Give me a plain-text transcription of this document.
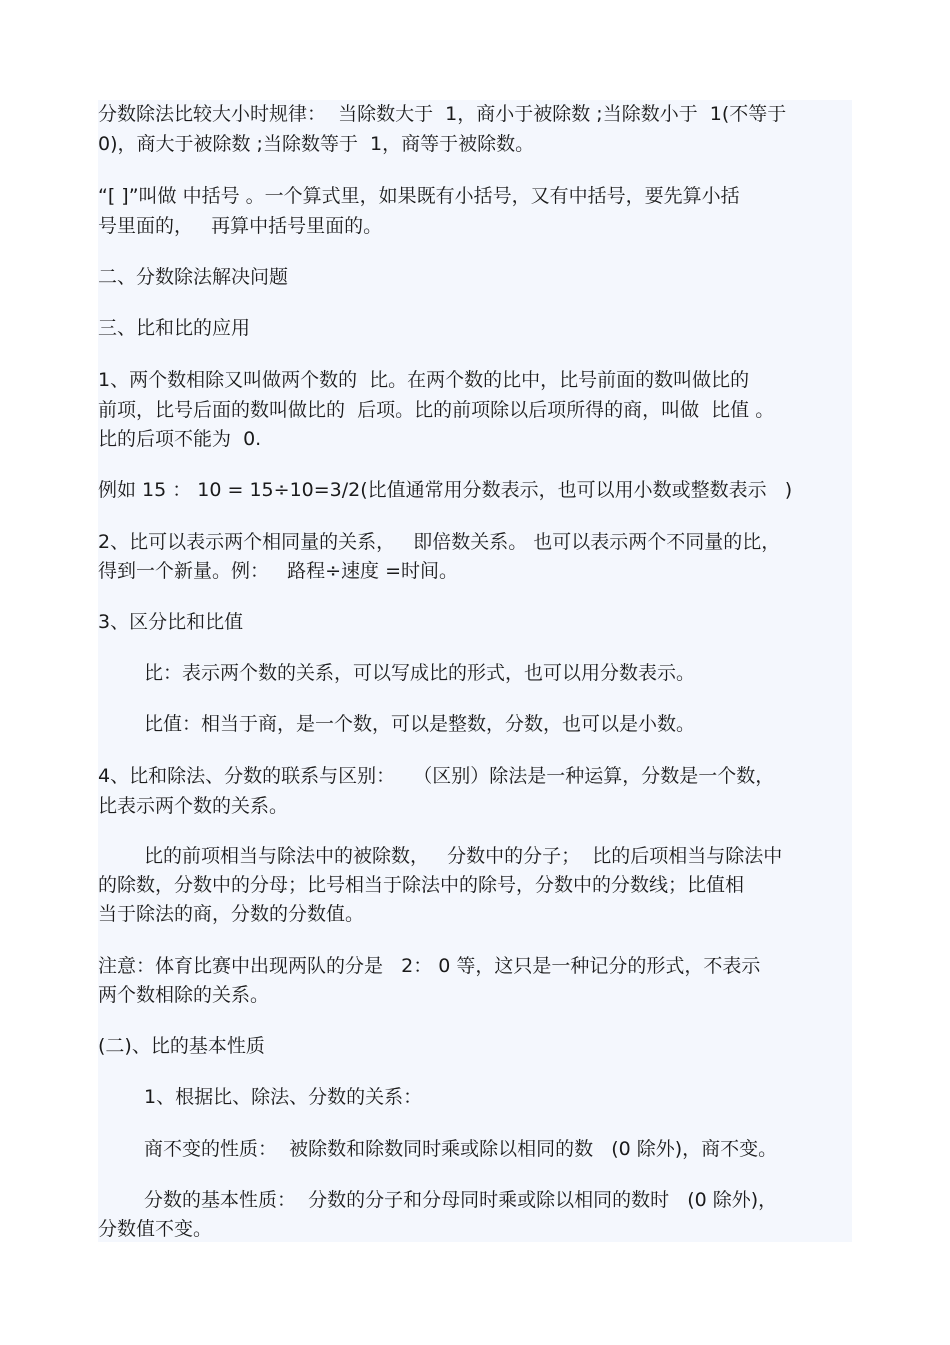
分数除法比较大小时规律：  当除数大于  1，商小于被除数 ;当除数小于  1(不等于

0)，商大于被除数 ;当除数等于  1，商等于被除数。

“[ ]”叫做 中括号 。一个算式里，如果既有小括号，又有中括号，要先算小括

号里面的，   再算中括号里面的。

二、分数除法解决问题

三、比和比的应用

1、两个数相除又叫做两个数的  比。在两个数的比中，比号前面的数叫做比的

前项，比号后面的数叫做比的  后项。比的前项除以后项所得的商，叫做  比值 。

比的后项不能为  0.

例如 15 ： 10 = 15÷10=3/2(比值通常用分数表示，也可以用小数或整数表示   )

2、比可以表示两个相同量的关系，   即倍数关系。 也可以表示两个不同量的比，

得到一个新量。例：   路程÷速度 =时间。

3、区分比和比值

比：表示两个数的关系，可以写成比的形式，也可以用分数表示。

比值：相当于商，是一个数，可以是整数，分数，也可以是小数。

4、比和除法、分数的联系与区别：   （区别）除法是一种运算，分数是一个数，

比表示两个数的关系。

比的前项相当与除法中的被除数，   分数中的分子；  比的后项相当与除法中

的除数，分数中的分母；比号相当于除法中的除号，分数中的分数线；比值相

当于除法的商，分数的分数值。

注意：体育比赛中出现两队的分是   2： 0 等，这只是一种记分的形式，不表示

两个数相除的关系。

(二)、比的基本性质

1、根据比、除法、分数的关系：

商不变的性质：  被除数和除数同时乘或除以相同的数   (0 除外)，商不变。

分数的基本性质：  分数的分子和分母同时乘或除以相同的数时   (0 除外)，

分数值不变。
